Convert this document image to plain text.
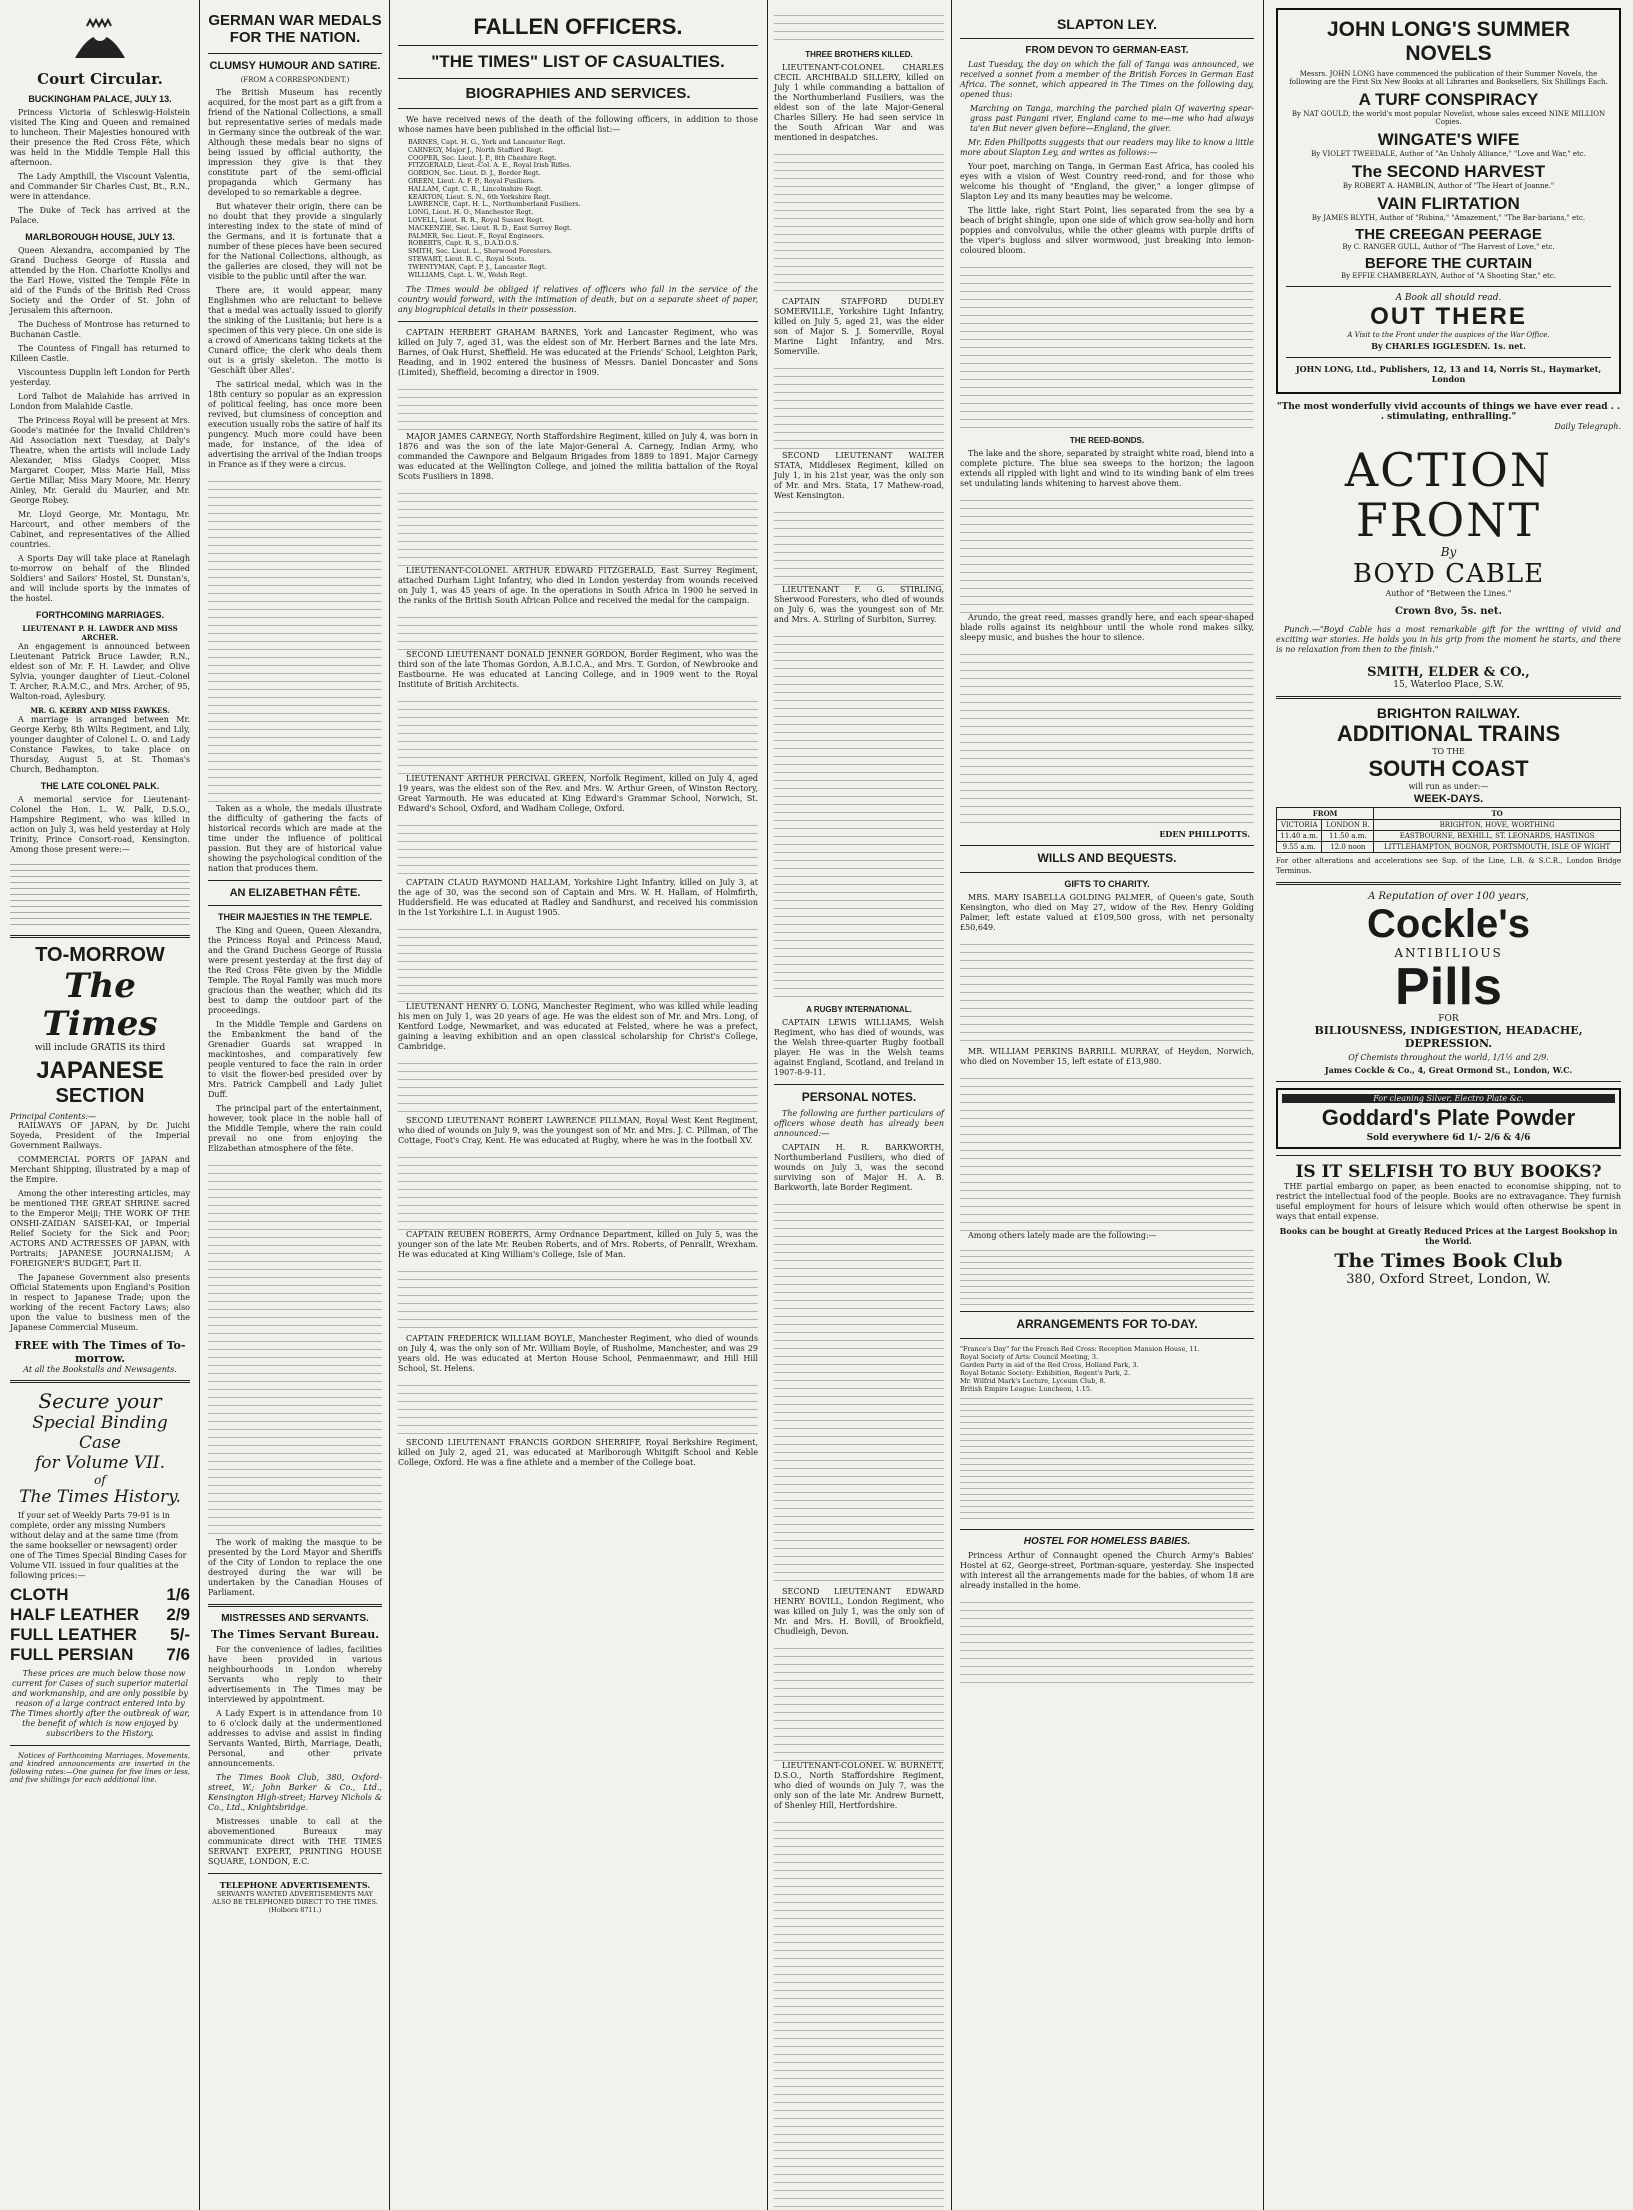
Court Circular.
BUCKINGHAM PALACE, JULY 13.

Princess Victoria of Schleswig-Holstein visited The King and Queen and remained to luncheon. Their Majesties honoured with their presence the Red Cross Fête, which was held in the Middle Temple Hall this afternoon.

The Lady Ampthill, the Viscount Valentia, and Commander Sir Charles Cust, Bt., R.N., were in attendance.

The Duke of Teck has arrived at the Palace.

MARLBOROUGH HOUSE, JULY 13.

Queen Alexandra, accompanied by The Grand Duchess George of Russia and attended by the Hon. Charlotte Knollys and the Earl Howe, visited the Temple Fête in aid of the Funds of the British Red Cross Society and the Order of St. John of Jerusalem this afternoon.

The Duchess of Montrose has returned to Buchanan Castle.

The Countess of Fingall has returned to Killeen Castle.

Viscountess Dupplin left London for Perth yesterday.

Lord Talbot de Malahide has arrived in London from Malahide Castle.

The Princess Royal will be present at Mrs. Goode's matinée for the Invalid Children's Aid Association next Tuesday, at Daly's Theatre, when the artists will include Lady Alexander, Miss Gladys Cooper, Miss Margaret Cooper, Miss Marie Hall, Miss Gertie Millar, Miss Mary Moore, Mr. Henry Ainley, Mr. Gerald du Maurier, and Mr. George Robey.

Mr. Lloyd George, Mr. Montagu, Mr. Harcourt, and other members of the Cabinet, and representatives of the Allied countries.

A Sports Day will take place at Ranelagh to-morrow on behalf of the Blinded Soldiers' and Sailors' Hostel, St. Dunstan's, and will include sports by the inmates of the hostel.

FORTHCOMING MARRIAGES.
LIEUTENANT P. H. LAWDER AND MISS ARCHER.

An engagement is announced between Lieutenant Patrick Bruce Lawder, R.N., eldest son of Mr. F. H. Lawder, and Olive Sylvia, younger daughter of Lieut.-Colonel T. Archer, R.A.M.C., and Mrs. Archer, of 95, Walton-road, Aylesbury.

MR. G. KERRY AND MISS FAWKES.

A marriage is arranged between Mr. George Kerby, 8th Wilts Regiment, and Lily, younger daughter of Colonel L. O. and Lady Constance Fawkes, to take place on Thursday, August 5, at St. Thomas's Church, Bedhampton.

THE LATE COLONEL PALK.

A memorial service for Lieutenant-Colonel the Hon. L. W. Palk, D.S.O., Hampshire Regiment, who was killed in action on July 3, was held yesterday at Holy Trinity, Prince Consort-road, Kensington. Among those present were:—

TO-MORROW
The Times
will include GRATIS its third
JAPANESE
SECTION
Principal Contents:—

RAILWAYS OF JAPAN, by Dr. Juichi Soyeda, President of the Imperial Government Railways.

COMMERCIAL PORTS OF JAPAN and Merchant Shipping, illustrated by a map of the Empire.

Among the other interesting articles, may be mentioned THE GREAT SHRINE sacred to the Emperor Meiji; THE WORK OF THE ONSHI-ZAIDAN SAISEI-KAI, or Imperial Relief Society for the Sick and Poor; ACTORS AND ACTRESSES OF JAPAN, with Portraits; JAPANESE JOURNALISM; A FOREIGNER'S BUDGET, Part II.

The Japanese Government also presents Official Statements upon England's Position in respect to Japanese Trade; upon the working of the recent Factory Laws; also upon the value to business men of the Japanese Commercial Museum.

FREE with The Times of To-morrow.
At all the Bookstalls and Newsagents.
Secure your
Special Binding Case
for Volume VII.
of
The Times History.

If your set of Weekly Parts 79-91 is in complete, order any missing Numbers without delay and at the same time (from the same bookseller or newsagent) order one of The Times Special Binding Cases for Volume VII. issued in four qualities at the following prices:—

CLOTH	1/6
HALF LEATHER 2/9
FULL LEATHER 5/-
FULL PERSIAN 7/6

These prices are much below those now current for Cases of such superior material and workmanship, and are only possible by reason of a large contract entered into by The Times shortly after the outbreak of war, the benefit of which is now enjoyed by subscribers to the History.

Notices of Forthcoming Marriages, Movements, and kindred announcements are inserted in the following rates:—One guinea for five lines or less, and five shillings for each additional line.

GERMAN WAR MEDALS FOR THE NATION.
CLUMSY HUMOUR AND SATIRE.
(FROM A CORRESPONDENT.)

The British Museum has recently acquired, for the most part as a gift from a friend of the National Collections, a small but representative series of medals made in Germany since the outbreak of the war. Although these medals bear no signs of being issued by official authority, the impression they give is that they constitute part of the semi-official propaganda which Germany has developed to so remarkable a degree.

But whatever their origin, there can be no doubt that they provide a singularly interesting index to the state of mind of the Germans, and it is fortunate that a number of these pieces have been secured for the National Collections, although, as the galleries are closed, they will not be visible to the public until after the war.

There are, it would appear, many Englishmen who are reluctant to believe that a medal was actually issued to glorify the sinking of the Lusitania; but here is a specimen of this very piece. On one side is a crowd of Americans taking tickets at the Cunard office; the clerk who deals them out is a grisly skeleton. The motto is 'Geschäft über Alles'.

The satirical medal, which was in the 18th century so popular as an expression of political feeling, has once more been revived, but clumsiness of conception and execution usually robs the satire of half its pungency. Much more could have been made, for instance, of the idea of advertising the arrival of the Indian troops in France as if they were a circus.

Taken as a whole, the medals illustrate the difficulty of gathering the facts of historical records which are made at the time under the influence of political passion. But they are of historical value showing the psychological condition of the nation that produces them.

AN ELIZABETHAN FÊTE.
THEIR MAJESTIES IN THE TEMPLE.

The King and Queen, Queen Alexandra, the Princess Royal and Princess Maud, and the Grand Duchess George of Russia were present yesterday at the first day of the Red Cross Fête given by the Middle Temple. The Royal Family was much more gracious than the weather, which did its best to damp the outdoor part of the proceedings.

In the Middle Temple and Gardens on the Embankment the band of the Grenadier Guards sat wrapped in mackintoshes, and comparatively few people ventured to face the rain in order to visit the flower-bed presided over by Mrs. Patrick Campbell and Lady Juliet Duff.

The principal part of the entertainment, however, took place in the noble hall of the Middle Temple, where the rain could prevail no one from enjoying the Elizabethan atmosphere of the fête.

The work of making the masque to be presented by the Lord Mayor and Sheriffs of the City of London to replace the one destroyed during the war will be undertaken by the Canadian Houses of Parliament.

MISTRESSES AND SERVANTS.
The Times Servant Bureau.

For the convenience of ladies, facilities have been provided in various neighbourhoods in London whereby Servants who reply to their advertisements in The Times may be interviewed by appointment.

A Lady Expert is in attendance from 10 to 6 o'clock daily at the undermentioned addresses to advise and assist in finding Servants Wanted, Birth, Marriage, Death, Personal, and other private announcements.

The Times Book Club, 380, Oxford-street, W.; John Barker & Co., Ltd., Kensington High-street; Harvey Nichols & Co., Ltd., Knightsbridge.

Mistresses unable to call at the abovementioned Bureaux may communicate direct with THE TIMES SERVANT EXPERT, PRINTING HOUSE SQUARE, LONDON, E.C.

TELEPHONE ADVERTISEMENTS.
SERVANTS WANTED ADVERTISEMENTS MAY ALSO BE TELEPHONED DIRECT TO THE TIMES. (Holborn 8711.)
FALLEN OFFICERS.
"THE TIMES" LIST OF CASUALTIES.
BIOGRAPHIES AND SERVICES.

We have received news of the death of the following officers, in addition to those whose names have been published in the official list:—

BARNES, Capt. H. G., York and Lancaster Regt.
CARNEGY, Major J., North Stafford Regt.
COOPER, Sec. Lieut. J. P., 8th Cheshire Regt.
FITZGERALD, Lieut.-Col. A. E., Royal Irish Rifles.
GORDON, Sec. Lieut. D. J., Border Regt.
GREEN, Lieut. A. F. P., Royal Fusiliers.
HALLAM, Capt. C. R., Lincolnshire Regt.
KEARTON, Lieut. S. N., 6th Yorkshire Regt.
LAWRENCE, Capt. H. L., Northumberland Fusiliers.
LONG, Lieut. H. O., Manchester Regt.
LOVELL, Lieut. R. R., Royal Sussex Regt.
MACKENZIE, Sec. Lieut. R. D., East Surrey Regt.
PALMER, Sec. Lieut. F., Royal Engineers.
ROBERTS, Capt. R. S., D.A.D.O.S.
SMITH, Sec. Lieut. L., Sherwood Foresters.
STEWART, Lieut. R. C., Royal Scots.
TWENTYMAN, Capt. P. J., Lancaster Regt.
WILLIAMS, Capt. L. W., Welsh Regt.

The Times would be obliged if relatives of officers who fall in the service of the country would forward, with the intimation of death, but on a separate sheet of paper, any biographical details in their possession.

CAPTAIN HERBERT GRAHAM BARNES, York and Lancaster Regiment, who was killed on July 7, aged 31, was the eldest son of Mr. Herbert Barnes and the late Mrs. Barnes, of Oak Hurst, Sheffield. He was educated at the Friends' School, Leighton Park, Reading, and in 1902 entered the business of Messrs. Daniel Doncaster and Sons (Limited), Sheffield, becoming a director in 1909.

MAJOR JAMES CARNEGY, North Staffordshire Regiment, killed on July 4, was born in 1876 and was the son of the late Major-General A. Carnegy, Indian Army, who commanded the Cawnpore and Belgaum Brigades from 1889 to 1891. Major Carnegy was educated at the Wellington College, and joined the militia battalion of the Royal Scots Fusiliers in 1898.

LIEUTENANT-COLONEL ARTHUR EDWARD FITZGERALD, East Surrey Regiment, attached Durham Light Infantry, who died in London yesterday from wounds received on July 1, was 45 years of age. In the operations in South Africa in 1900 he served in the ranks of the British South African Police and received the medal for the campaign.

SECOND LIEUTENANT DONALD JENNER GORDON, Border Regiment, who was the third son of the late Thomas Gordon, A.B.I.C.A., and Mrs. T. Gordon, of Newbrooke and Eastbourne. He was educated at Lancing College, and in 1909 went to the Royal Institute of British Architects.

LIEUTENANT ARTHUR PERCIVAL GREEN, Norfolk Regiment, killed on July 4, aged 19 years, was the eldest son of the Rev. and Mrs. W. Arthur Green, of Winston Rectory, Great Yarmouth. He was educated at King Edward's Grammar School, Norwich, St. Edward's School, Oxford, and Wadham College, Oxford.

CAPTAIN CLAUD RAYMOND HALLAM, Yorkshire Light Infantry, killed on July 3, at the age of 30, was the second son of Captain and Mrs. W. H. Hallam, of Holmfirth, Huddersfield. He was educated at Radley and Sandhurst, and received his commission in the 1st Yorkshire L.I. in August 1905.

LIEUTENANT HENRY O. LONG, Manchester Regiment, who was killed while leading his men on July 1, was 20 years of age. He was the eldest son of Mr. and Mrs. Long, of Kentford Lodge, Newmarket, and was educated at Felsted, where he was a prefect, gaining a leaving exhibition and an open classical scholarship for Christ's College, Cambridge.

SECOND LIEUTENANT ROBERT LAWRENCE PILLMAN, Royal West Kent Regiment, who died of wounds on July 9, was the youngest son of Mr. and Mrs. J. C. Pillman, of The Cottage, Foot's Cray, Kent. He was educated at Rugby, where he was in the football XV.

CAPTAIN REUBEN ROBERTS, Army Ordnance Department, killed on July 5, was the younger son of the late Mr. Reuben Roberts, and of Mrs. Roberts, of Penrallt, Wrexham. He was educated at King William's College, Isle of Man.

CAPTAIN FREDERICK WILLIAM BOYLE, Manchester Regiment, who died of wounds on July 4, was the only son of Mr. William Boyle, of Rusholme, Manchester, and was 29 years old. He was educated at Merton House School, Penmaenmawr, and Hill Hill School, St. Helens.

SECOND LIEUTENANT FRANCIS GORDON SHERRIFF, Royal Berkshire Regiment, killed on July 2, aged 21, was educated at Marlborough Whitgift School and Keble College, Oxford. He was a fine athlete and a member of the College boat.

THREE BROTHERS KILLED.

LIEUTENANT-COLONEL CHARLES CECIL ARCHIBALD SILLERY, killed on July 1 while commanding a battalion of the Northumberland Fusiliers, was the eldest son of the late Major-General Charles Sillery. He had seen service in the South African War and was mentioned in despatches.

CAPTAIN STAFFORD DUDLEY SOMERVILLE, Yorkshire Light Infantry, killed on July 5, aged 21, was the elder son of Major S. J. Somerville, Royal Marine Light Infantry, and Mrs. Somerville.

SECOND LIEUTENANT WALTER STATA, Middlesex Regiment, killed on July 1, in his 21st year, was the only son of Mr. and Mrs. Stata, 17 Mathew-road, West Kensington.

LIEUTENANT F. G. STIRLING, Sherwood Foresters, who died of wounds on July 6, was the youngest son of Mr. and Mrs. A. Stirling of Surbiton, Surrey.

A RUGBY INTERNATIONAL.

CAPTAIN LEWIS WILLIAMS, Welsh Regiment, who has died of wounds, was the Welsh three-quarter Rugby football player. He was in the Welsh teams against England, Scotland, and Ireland in 1907-8-9-11.

PERSONAL NOTES.

The following are further particulars of officers whose death has already been announced:—

CAPTAIN H. R. BARKWORTH, Northumberland Fusiliers, who died of wounds on July 3, was the second surviving son of Major H. A. B. Barkworth, late Border Regiment.

SECOND LIEUTENANT EDWARD HENRY BOVILL, London Regiment, who was killed on July 1, was the only son of Mr. and Mrs. H. Bovill, of Brookfield, Chudleigh, Devon.

LIEUTENANT-COLONEL W. BURNETT, D.S.O., North Staffordshire Regiment, who died of wounds on July 7, was the only son of the late Mr. Andrew Burnett, of Shenley Hill, Hertfordshire.

SLAPTON LEY.
FROM DEVON TO GERMAN-EAST.

Last Tuesday, the day on which the fall of Tanga was announced, we received a sonnet from a member of the British Forces in German East Africa. The sonnet, which appeared in The Times on the following day, opened thus:

Marching on Tanga, marching the parched plain Of wavering spear-grass past Pangani river, England came to me—me who had always ta'en But never given before—England, the giver.

Mr. Eden Phillpotts suggests that our readers may like to know a little more about Slapton Ley, and writes as follows:—

Your poet, marching on Tanga, in German East Africa, has cooled his eyes with a vision of West Country reed-rond, and for those who welcome his thought of "England, the giver," a longer glimpse of Slapton Ley and its many beauties may be welcome.

The little lake, right Start Point, lies separated from the sea by a beach of bright shingle, upon one side of which grow sea-holly and horn poppies and convolvulus, while the other gleams with purple drifts of the viper's bugloss and silver wormwood, just breaking into lemon-coloured bloom.

THE REED-BONDS.

The lake and the shore, separated by straight white road, blend into a complete picture. The blue sea sweeps to the horizon; the lagoon extends all rippled with light and wind to its winding bank of elm trees set undulating lands whitening to harvest above them.

Arundo, the great reed, masses grandly here, and each spear-shaped blade rolls against its neighbour until the whole rond makes silky, sleepy music, and bushes the hour to silence.

EDEN PHILLPOTTS.
WILLS AND BEQUESTS.
GIFTS TO CHARITY.

MRS. MARY ISABELLA GOLDING PALMER, of Queen's gate, South Kensington, who died on May 27, widow of the Rev. Henry Golding Palmer, left estate valued at £109,500 gross, with net personalty £50,649.

MR. WILLIAM PERKINS BARRILL MURRAY, of Heydon, Norwich, who died on November 15, left estate of £13,980.

Among others lately made are the following:—

ARRANGEMENTS FOR TO-DAY.
"France's Day" for the French Red Cross: Reception Mansion House, 11.
Royal Society of Arts: Council Meeting, 3.
Garden Party in aid of the Red Cross, Holland Park, 3.
Royal Botanic Society: Exhibition, Regent's Park, 2.
Mr. Wilfrid Mark's Lecture, Lyceum Club, 8.
British Empire League: Luncheon, 1.15.
HOSTEL FOR HOMELESS BABIES.

Princess Arthur of Connaught opened the Church Army's Babies' Hostel at 62, George-street, Portman-square, yesterday. She inspected with interest all the arrangements made for the babies, of whom 18 are already installed in the home.

JOHN LONG'S SUMMER NOVELS
Messrs. JOHN LONG have commenced the publication of their Summer Novels, the following are the First Six New Books at all Libraries and Booksellers, Six Shillings Each.
A TURF CONSPIRACY
By NAT GOULD, the world's most popular Novelist, whose sales exceed NINE MILLION Copies.
WINGATE'S WIFE
By VIOLET TWEEDALE, Author of "An Unholy Alliance," "Love and War," etc.
The SECOND HARVEST
By ROBERT A. HAMBLIN, Author of "The Heart of Joanne."
VAIN FLIRTATION
By JAMES BLYTH, Author of "Rubina," "Amazement," "The Bar-barians," etc.
THE CREEGAN PEERAGE
By C. RANGER GULL, Author of "The Harvest of Love," etc.
BEFORE THE CURTAIN
By EFFIE CHAMBERLAYN, Author of "A Shooting Star," etc.
A Book all should read.
OUT THERE
A Visit to the Front under the auspices of the War Office.
By CHARLES IGGLESDEN. 1s. net.
JOHN LONG, Ltd., Publishers, 12, 13 and 14, Norris St., Haymarket, London
"The most wonderfully vivid accounts of things we have ever read . . . stimulating, enthralling."
Daily Telegraph.
ACTION
FRONT
By
BOYD CABLE
Author of "Between the Lines."
Crown 8vo, 5s. net.

Punch.—"Boyd Cable has a most remarkable gift for the writing of vivid and exciting war stories. He holds you in his grip from the moment he starts, and there is no relaxation from then to the finish."

SMITH, ELDER & CO.,
15, Waterloo Place, S.W.
BRIGHTON RAILWAY.
ADDITIONAL TRAINS
TO THE
SOUTH COAST
will run as under:—
WEEK-DAYS.
FROM		TO
VICTORIA	LONDON B.	BRIGHTON, HOVE, WORTHING
11.40 a.m.	11.50 a.m.	EASTBOURNE, BEXHILL, ST. LEONARDS, HASTINGS
9.55 a.m.	12.0 noon	LITTLEHAMPTON, BOGNOR, PORTSMOUTH, ISLE OF WIGHT

For other alterations and accelerations see Sup. of the Line, L.B. & S.C.R., London Bridge Terminus.

A Reputation of over 100 years,
Cockle's
ANTIBILIOUS
Pills
FOR
BILIOUSNESS, INDIGESTION, HEADACHE, DEPRESSION.
Of Chemists throughout the world, 1/1½ and 2/9.
James Cockle & Co., 4, Great Ormond St., London, W.C.
For cleaning Silver, Electro Plate &c.
Goddard's Plate Powder
Sold everywhere 6d 1/- 2/6 & 4/6
IS IT SELFISH TO BUY BOOKS?

THE partial embargo on paper, as been enacted to economise shipping, not to restrict the intellectual food of the people. Books are no extravagance. They furnish useful employment for hours of leisure which would often otherwise be spent in ways that entail expense.

Books can be bought at Greatly Reduced Prices at the Largest Bookshop in the World.

The Times Book Club
380, Oxford Street, London, W.
